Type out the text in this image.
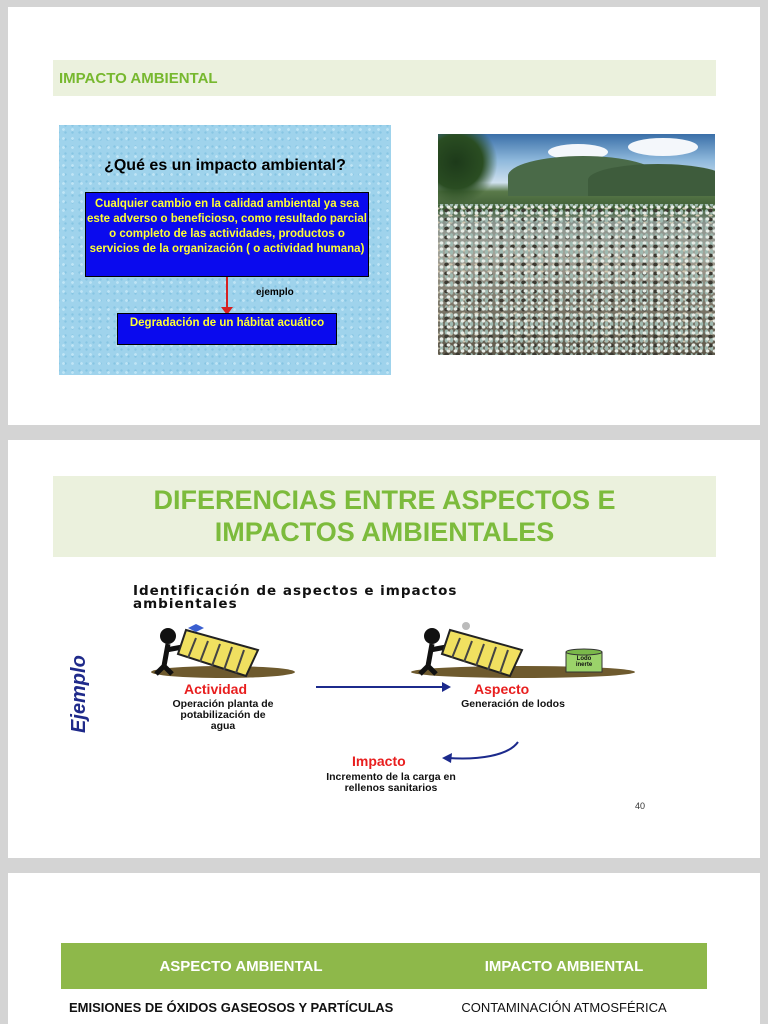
IMPACTO AMBIENTAL
¿Qué es un impacto ambiental?
Cualquier cambio en la calidad ambiental ya sea este adverso o beneficioso, como resultado parcial o completo de las actividades, productos o servicios de la organización ( o actividad humana)
ejemplo
Degradación de un hábitat acuático
DIFERENCIAS ENTRE ASPECTOS E
IMPACTOS AMBIENTALES
Identificación de aspectos e impactos
ambientales
Ejemplo	Actividad
Operación planta de
potabilización de
agua
Lodo
inerte
Aspecto
Generación de lodos
Impacto
Incremento de la carga en
rellenos sanitarios
40
ASPECTO AMBIENTAL	IMPACTO AMBIENTAL
EMISIONES DE ÓXIDOS GASEOSOS Y PARTÍCULAS	CONTAMINACIÓN ATMOSFÉRICA
